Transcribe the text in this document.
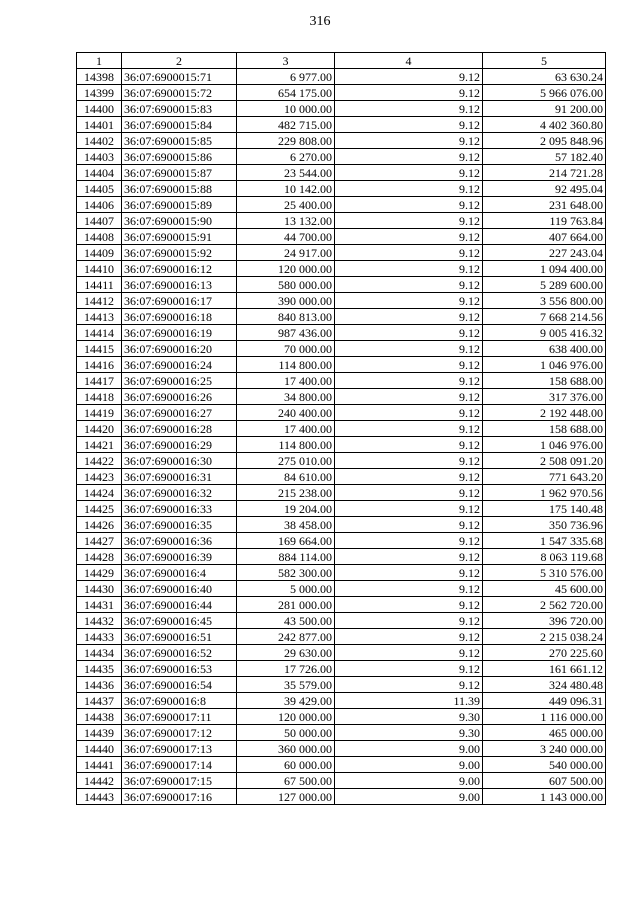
316
1	2	3	4	5
14398	36:07:6900015:71	6 977.00	9.12	63 630.24
14399	36:07:6900015:72	654 175.00	9.12	5 966 076.00
14400	36:07:6900015:83	10 000.00	9.12	91 200.00
14401	36:07:6900015:84	482 715.00	9.12	4 402 360.80
14402	36:07:6900015:85	229 808.00	9.12	2 095 848.96
14403	36:07:6900015:86	6 270.00	9.12	57 182.40
14404	36:07:6900015:87	23 544.00	9.12	214 721.28
14405	36:07:6900015:88	10 142.00	9.12	92 495.04
14406	36:07:6900015:89	25 400.00	9.12	231 648.00
14407	36:07:6900015:90	13 132.00	9.12	119 763.84
14408	36:07:6900015:91	44 700.00	9.12	407 664.00
14409	36:07:6900015:92	24 917.00	9.12	227 243.04
14410	36:07:6900016:12	120 000.00	9.12	1 094 400.00
14411	36:07:6900016:13	580 000.00	9.12	5 289 600.00
14412	36:07:6900016:17	390 000.00	9.12	3 556 800.00
14413	36:07:6900016:18	840 813.00	9.12	7 668 214.56
14414	36:07:6900016:19	987 436.00	9.12	9 005 416.32
14415	36:07:6900016:20	70 000.00	9.12	638 400.00
14416	36:07:6900016:24	114 800.00	9.12	1 046 976.00
14417	36:07:6900016:25	17 400.00	9.12	158 688.00
14418	36:07:6900016:26	34 800.00	9.12	317 376.00
14419	36:07:6900016:27	240 400.00	9.12	2 192 448.00
14420	36:07:6900016:28	17 400.00	9.12	158 688.00
14421	36:07:6900016:29	114 800.00	9.12	1 046 976.00
14422	36:07:6900016:30	275 010.00	9.12	2 508 091.20
14423	36:07:6900016:31	84 610.00	9.12	771 643.20
14424	36:07:6900016:32	215 238.00	9.12	1 962 970.56
14425	36:07:6900016:33	19 204.00	9.12	175 140.48
14426	36:07:6900016:35	38 458.00	9.12	350 736.96
14427	36:07:6900016:36	169 664.00	9.12	1 547 335.68
14428	36:07:6900016:39	884 114.00	9.12	8 063 119.68
14429	36:07:6900016:4	582 300.00	9.12	5 310 576.00
14430	36:07:6900016:40	5 000.00	9.12	45 600.00
14431	36:07:6900016:44	281 000.00	9.12	2 562 720.00
14432	36:07:6900016:45	43 500.00	9.12	396 720.00
14433	36:07:6900016:51	242 877.00	9.12	2 215 038.24
14434	36:07:6900016:52	29 630.00	9.12	270 225.60
14435	36:07:6900016:53	17 726.00	9.12	161 661.12
14436	36:07:6900016:54	35 579.00	9.12	324 480.48
14437	36:07:6900016:8	39 429.00	11.39	449 096.31
14438	36:07:6900017:11	120 000.00	9.30	1 116 000.00
14439	36:07:6900017:12	50 000.00	9.30	465 000.00
14440	36:07:6900017:13	360 000.00	9.00	3 240 000.00
14441	36:07:6900017:14	60 000.00	9.00	540 000.00
14442	36:07:6900017:15	67 500.00	9.00	607 500.00
14443	36:07:6900017:16	127 000.00	9.00	1 143 000.00
